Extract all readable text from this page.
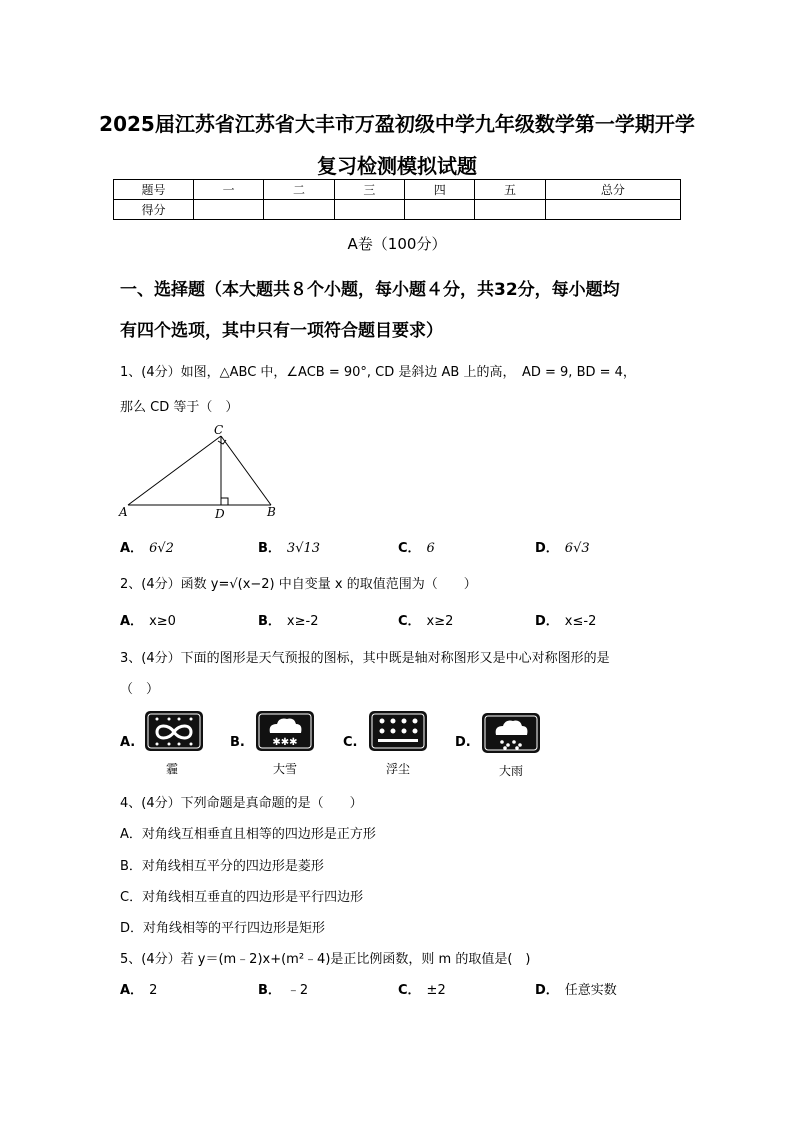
2025届江苏省江苏省大丰市万盈初级中学九年级数学第一学期开学
复习检测模拟试题
题号	一	二	三	四	五	总分
得分						
A卷（100分）
一、选择题（本大题共８个小题，每小题４分，共32分，每小题均
有四个选项，其中只有一项符合题目要求）
1、(4分）如图，△ABC 中，∠ACB = 90°, CD 是斜边 AB 上的高，　AD = 9, BD = 4，
那么 CD 等于（　）
C
A	D	B
A． 6√2	B． 3√13	C． 6	D． 6√3
2、(4分）函数 y=√(x−2) 中自变量 x 的取值范围为（　　）
A． x≥0	B． x≥-2	C． x≥2	D． x≤-2
3、(4分）下面的图形是天气预报的图标，其中既是轴对称图形又是中心对称图形的是
（　）
A.
霾
B.	✱✱✱
大雪
C.
浮尘
D.
大雨
4、(4分）下列命题是真命题的是（　　）
A．对角线互相垂直且相等的四边形是正方形
B．对角线相互平分的四边形是菱形
C．对角线相互垂直的四边形是平行四边形
D．对角线相等的平行四边形是矩形
5、(4分）若 y＝(m﹣2)x+(m²﹣4)是正比例函数，则 m 的取值是(　)
A． 2	B． ﹣2	C． ±2	D． 任意实数
